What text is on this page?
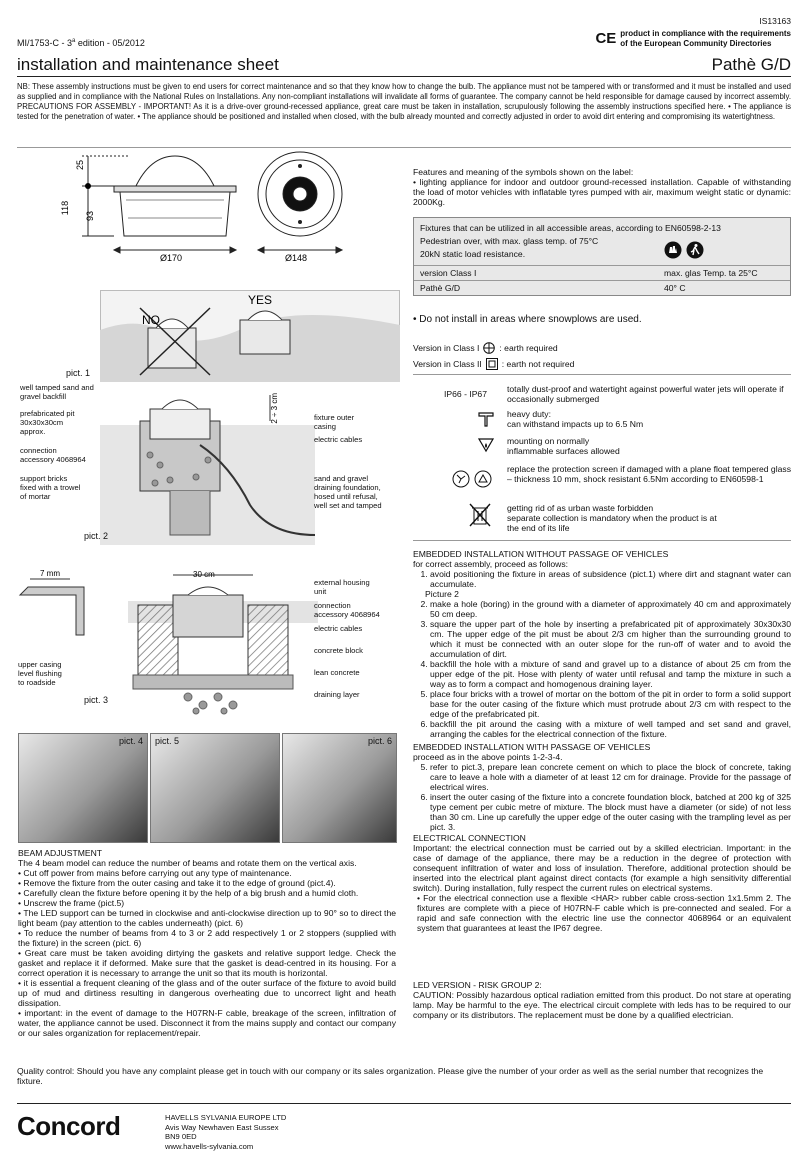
IS13163
CE product in compliance with the requirements
of the European Community Directories
MI/1753-C - 3$^a$ edition - 05/2012
installation and maintenance sheet	Pathè G/D
NB: These assembly instructions must be given to end users for correct maintenance and so that they know how to change the bulb. The appliance must not be tampered with or transformed and it must be installed and used as supplied and in compliance with the National Rules on Installations. Any non-compliant installations will invalidate all forms of guarantee. The company cannot be held responsible for damage caused by incorrect assembly. PRECAUTIONS FOR ASSEMBLY - IMPORTANT! As it is a drive-over ground-recessed appliance, great care must be taken in installation, scrupulously following the assembly instructions specified here. • The appliance is tested for the penetration of water. • The appliance should be positioned and installed when closed, with the bulb already mounted and correctly adjusted in order to avoid dirt entering and compromising its watertightness.
25
118
93
Ø170	Ø148
NO
YES
pict. 1
2 ÷ 3 cm
well tamped sand and
gravel backfill
prefabricated pit
30x30x30cm
approx.
connection
accessory 4068964
support bricks
fixed with a trowel
of mortar
fixture outer
casing
electric cables
sand and gravel
draining foundation,
hosed until refusal,
well set and tamped
pict. 2
7 mm	30 cm
external housing
unit
connection
accessory 4068964
electric cables
concrete block
lean concrete
draining layer
upper casing
level flushing
to roadside
pict. 3
pict. 4 pict. 5	pict. 6
BEAM ADJUSTMENT
The 4 beam model can reduce the number of beams and rotate them on the vertical axis.
• Cut off power from mains before carrying out any type of maintenance.
• Remove the fixture from the outer casing and take it to the edge of ground (pict.4).
• Carefully clean the fixture before opening it by the help of a big brush and a humid cloth.
• Unscrew the frame (pict.5)
• The LED support can be turned in clockwise and anti-clockwise direction up to 90° so to direct the light beam (pay attention to the cables underneath) (pict. 6)
• To reduce the number of beams from 4 to 3 or 2 add respectively 1 or 2 stoppers (supplied with the fixture) in the screen (pict. 6)
• Great care must be taken avoiding dirtying the gaskets and relative support ledge. Check the gasket and replace it if deformed. Make sure that the gasket is dead-centred in its housing. For a correct operation it is necessary to arrange the unit so that its mouth is horizontal.
• it is essential a frequent cleaning of the glass and of the outer surface of the fixture to avoid build up of mud and dirtiness resulting in dangerous overheating due to uncorrect light and heath dissipation.
• important: in the event of damage to the H07RN-F cable, breakage of the screen, infiltration of water, the appliance cannot be used. Disconnect it from the mains supply and contact our company or our sales organization for replacement/repair.
Features and meaning of the symbols shown on the label:
• lighting appliance for indoor and outdoor ground-recessed installation. Capable of withstanding the load of motor vehicles with inflatable tyres pumped with air, maximum weight static or dynamic: 2000Kg.
Fixtures that can be utilized in all accessible areas, according to EN60598-2-13
Pedestrian over, with max. glass temp. of 75°C
20kN static load resistance.
version Class I	max. glas Temp. ta 25°C
Pathè G/D	40° C
• Do not install in areas where snowplows are used.
Version in Class I : earth required
Version in Class II : earth not required
IP66 - IP67 totally dust-proof and watertight against powerful water jets will operate if occasionally submerged
heavy duty:
can withstand impacts up to 6.5 Nm
mounting on normally
inflammable surfaces allowed
replace the protection screen if damaged with a plane float tempered glass – thickness 10 mm, shock resistant 6.5Nm according to EN60598-1
getting rid of as urban waste forbidden
separate collection is mandatory when the product is at the end of its life
EMBEDDED INSTALLATION WITHOUT PASSAGE OF VEHICLES
for correct assembly, proceed as follows:
1. avoid positioning the fixture in areas of subsidence (pict.1) where dirt and stagnant water can accumulate.
Picture 2
2. make a hole (boring) in the ground with a diameter of approximately 40 cm and approximately 50 cm deep.
3. square the upper part of the hole by inserting a prefabricated pit of approximately 30x30x30 cm. The upper edge of the pit must be about 2/3 cm higher than the surrounding ground to which it must be connected with an outer slope for the run-off of water and to avoid the accumulation of dirt.
4. backfill the hole with a mixture of sand and gravel up to a distance of about 25 cm from the upper edge of the pit. Hose with plenty of water until refusal and tamp the mixture in such a way as to form a compact and homogenous draining layer.
5. place four bricks with a trowel of mortar on the bottom of the pit in order to form a solid support base for the outer casing of the fixture which must protrude about 2/3 cm with respect to the edge of the prefabricated pit.
6. backfill the pit around the casing with a mixture of well tamped and set sand and gravel, arranging the cables for the electrical connection of the fixture.
EMBEDDED INSTALLATION WITH PASSAGE OF VEHICLES
proceed as in the above points 1-2-3-4.
5. refer to pict.3, prepare lean concrete cement on which to place the block of concrete, taking care to leave a hole with a diameter of at least 12 cm for drainage. Provide for the passage of electrical wires.
6. insert the outer casing of the fixture into a concrete foundation block, batched at 200 kg of 325 type cement per cubic metre of mixture. The block must have a diameter (or side) of not less than 30 cm. Line up carefully the upper edge of the outer casing with the trampling level as per pict. 3.
ELECTRICAL CONNECTION
Important: the electrical connection must be carried out by a skilled electrician. Important: in the case of damage of the appliance, there may be a reduction in the degree of protection with consequent infiltration of water and loss of insulation. Therefore, additional protection should be inserted into the electrical plant against direct contacts (for example a high sensitivity differential switch). During installation, fully respect the current rules on electrical systems.
• For the electrical connection use a flexible <HAR> rubber cable cross-section 1x1.5mm 2. The fixtures are complete with a piece of H07RN-F cable which is pre-connected and sealed. For a rapid and safe connection with the electric line use the connector 4068964 or an equivalent system that guarantees at least the IP67 degree.
LED VERSION - RISK GROUP 2:
CAUTION: Possibly hazardous optical radiation emitted from this product. Do not stare at operating lamp. May be harmful to the eye. The electrical circuit complete with leds has to be required to our company or its distributors. The replacement must be done by a qualified electrician.
Quality control: Should you have any complaint please get in touch with our company or its sales organization. Please give the number of your order as well as the serial number that recognizes the fixture.
Concord	HAVELLS SYLVANIA EUROPE LTD
Avis Way Newhaven East Sussex
BN9 0ED
www.havells-sylvania.com
